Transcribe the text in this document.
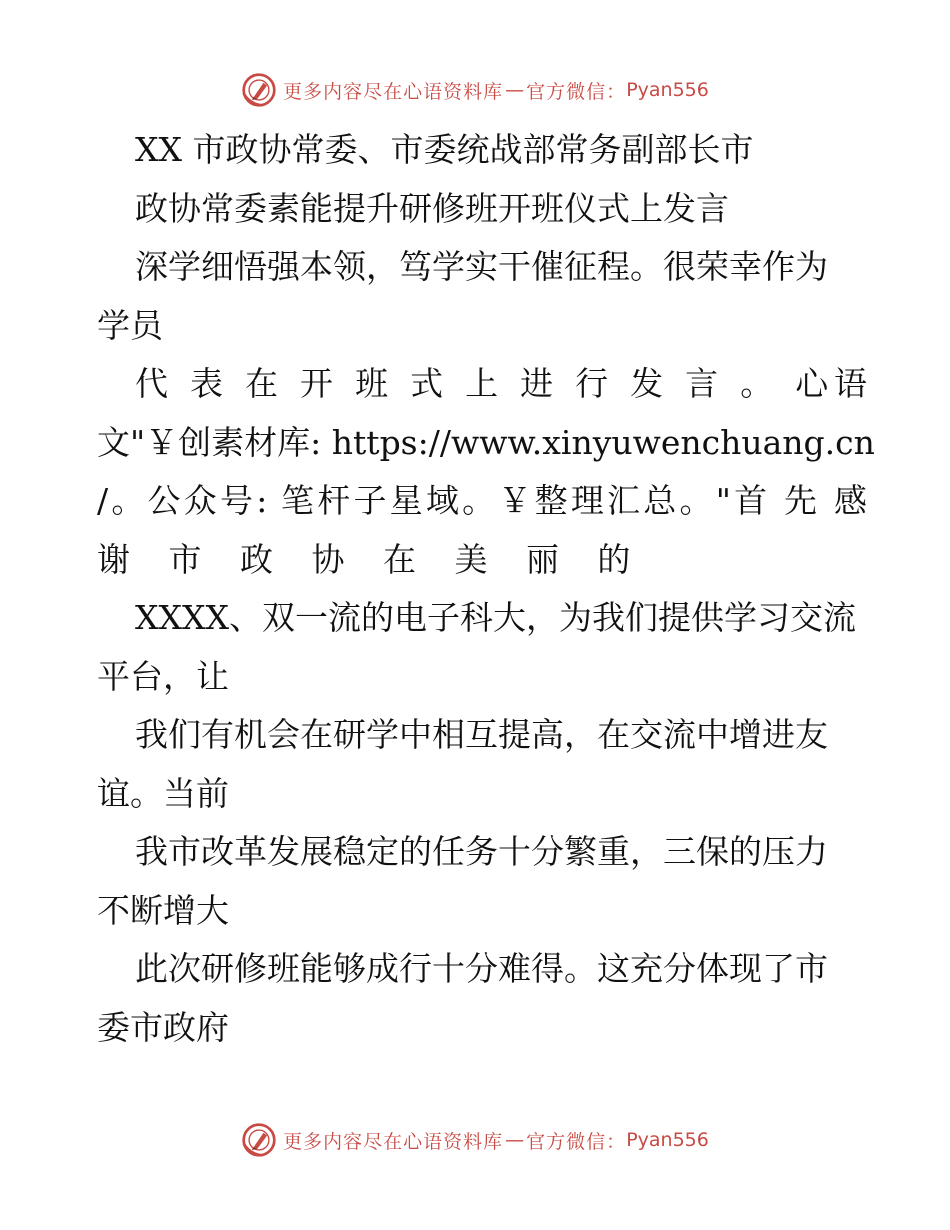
更多内容尽在心语资料库 — 官方微信： Pyan556
XX 市政协常委、市委统战部常务副部长市
政协常委素能提升研修班开班仪式上发言
深学细悟强本领，笃学实干催征程。很荣幸作为
学员
代 表 在 开 班 式 上 进 行 发 言 。 心语
文"￥创素材库: https://www.xinyuwenchuang.cn
/。公众号: 笔杆子星域。￥整理汇总。"首 先 感
谢 市 政 协 在 美 丽 的
XXXX、双一流的电子科大，为我们提供学习交流
平台，让
我们有机会在研学中相互提高，在交流中增进友
谊。当前
我市改革发展稳定的任务十分繁重，三保的压力
不断增大
此次研修班能够成行十分难得。这充分体现了市
委市政府
更多内容尽在心语资料库 — 官方微信： Pyan556
